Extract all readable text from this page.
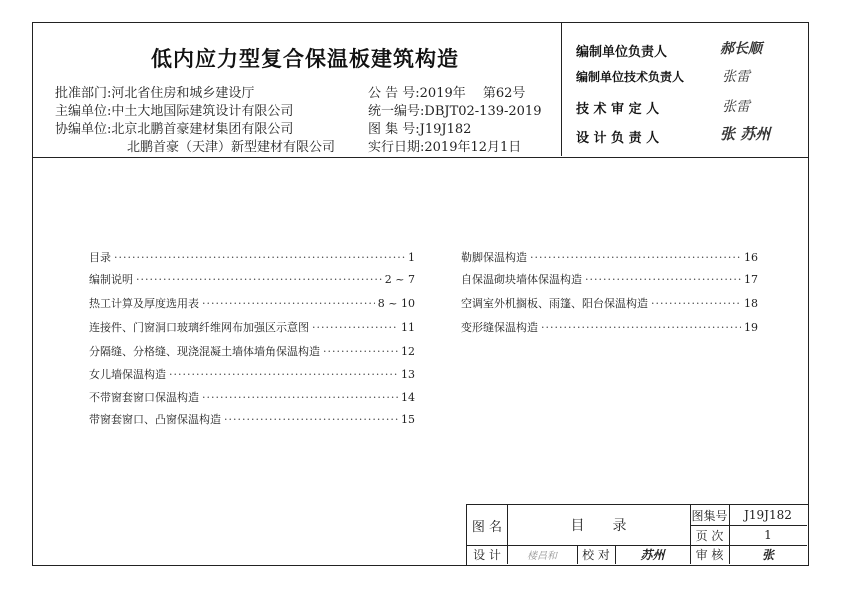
低内应力型复合保温板建筑构造
批准部门:河北省住房和城乡建设厅
主编单位:中土大地国际建筑设计有限公司
协编单位:北京北鹏首豪建材集团有限公司
北鹏首豪（天津）新型建材有限公司
公 告 号:2019年　 第62号
统一编号:DBJT02-139-2019
图 集 号:J19J182
实行日期:2019年12月1日
编制单位负责人	郝长顺
编制单位技术负责人	张雷
技 术 审 定 人	张雷
设 计 负 责 人	张 苏州
目录 ·····	1
编制说明 ·····	2 ~ 7
热工计算及厚度选用表 ·····	8 ~ 10
连接件、门窗洞口玻璃纤维网布加强区示意图 ·····	11
分隔缝、分格缝、现浇混凝土墙体墙角保温构造 ·····	12
女儿墙保温构造 ·····	13
不带窗套窗口保温构造 ·····	14
带窗套窗口、凸窗保温构造 ·····	15
勒脚保温构造 ·····	16
自保温砌块墙体保温构造 ·····	17
空调室外机搁板、雨篷、阳台保温构造 ·····	18
变形缝保温构造 ·····	19
图 名	目　　录
图集号	J19J182
页 次	1
设 计	楼昌和	校 对	苏州	审 核	张
